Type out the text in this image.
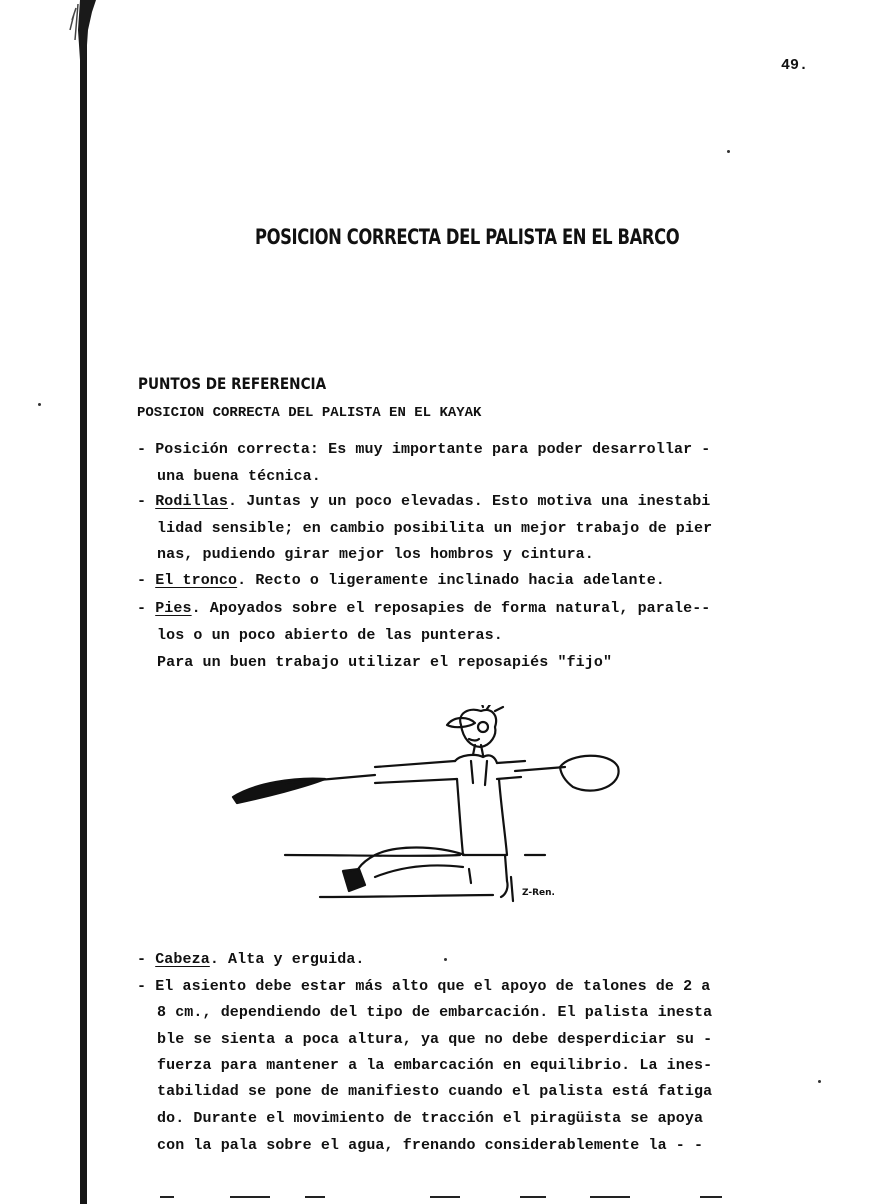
49.
POSICION CORRECTA DEL PALISTA EN EL BARCO
PUNTOS DE REFERENCIA
POSICION CORRECTA DEL PALISTA EN EL KAYAK
- Posición correcta: Es muy importante para poder desarrollar -
una buena técnica.
- Rodillas. Juntas y un poco elevadas. Esto motiva una inestabi
lidad sensible; en cambio posibilita un mejor trabajo de pier
nas, pudiendo girar mejor los hombros y cintura.
- El tronco. Recto o ligeramente inclinado hacia adelante.
- Pies. Apoyados sobre el reposapies de forma natural, parale--
los o un poco abierto de las punteras.
Para un buen trabajo utilizar el reposapiés "fijo"
Z-Ren.
- Cabeza. Alta y erguida.
- El asiento debe estar más alto que el apoyo de talones de 2 a
8 cm., dependiendo del tipo de embarcación. El palista inesta
ble se sienta a poca altura, ya que no debe desperdiciar su -
fuerza para mantener a la embarcación en equilibrio. La ines-
tabilidad se pone de manifiesto cuando el palista está fatiga
do. Durante el movimiento de tracción el piragüista se apoya
con la pala sobre el agua, frenando considerablemente la - -
